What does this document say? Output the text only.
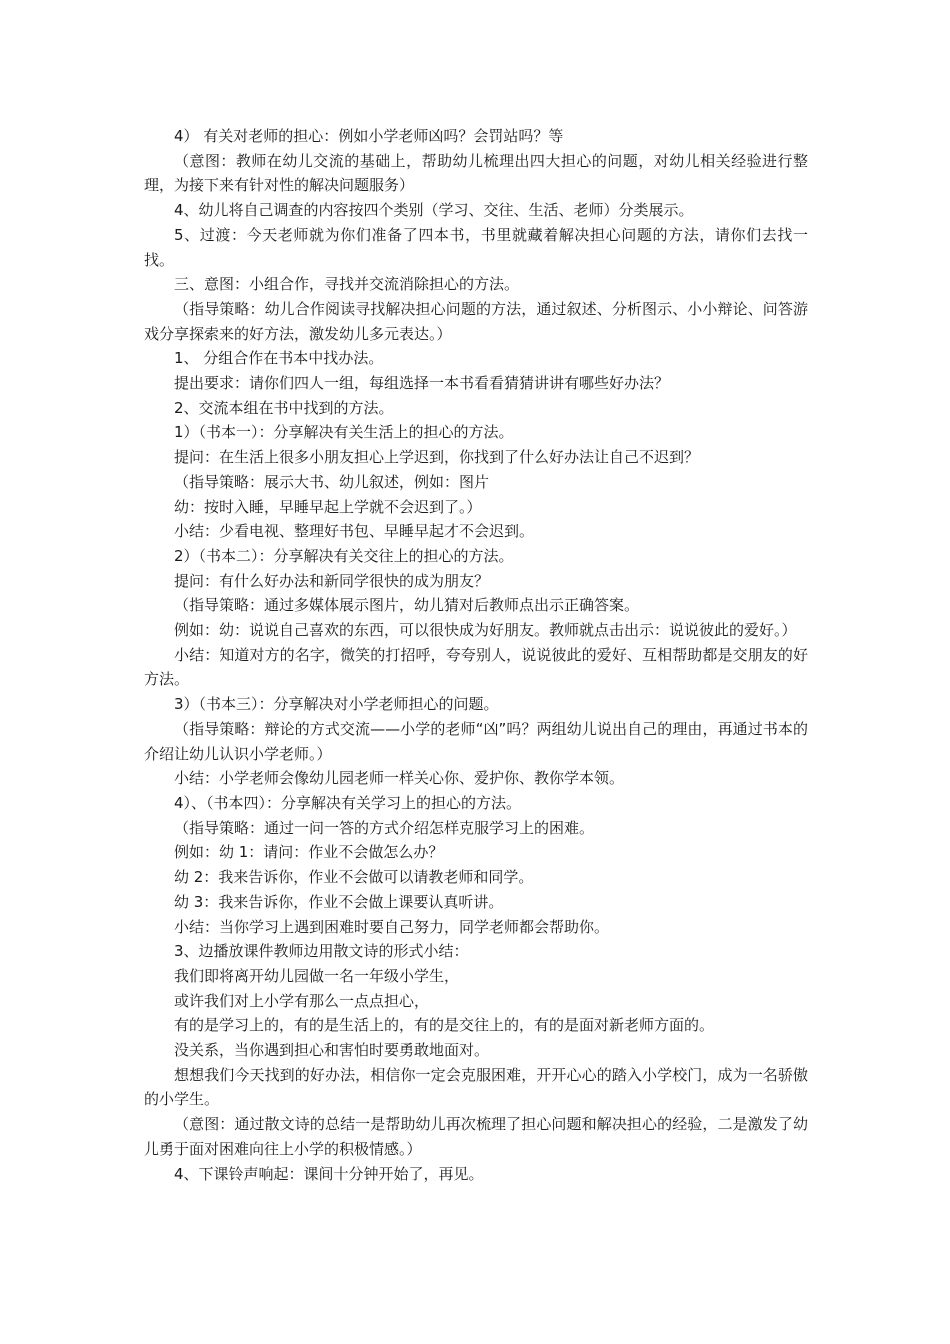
4） 有关对老师的担心：例如小学老师凶吗？会罚站吗？等

（意图：教师在幼儿交流的基础上，帮助幼儿梳理出四大担心的问题，对幼儿相关经验进行整理，为接下来有针对性的解决问题服务）

4、幼儿将自己调查的内容按四个类别（学习、交往、生活、老师）分类展示。

5、过渡：今天老师就为你们准备了四本书，书里就藏着解决担心问题的方法，请你们去找一找。

三、意图：小组合作，寻找并交流消除担心的方法。

（指导策略：幼儿合作阅读寻找解决担心问题的方法，通过叙述、分析图示、小小辩论、问答游戏分享探索来的好方法，激发幼儿多元表达。）

1、 分组合作在书本中找办法。

提出要求：请你们四人一组，每组选择一本书看看猜猜讲讲有哪些好办法？

2、交流本组在书中找到的方法。

1）（书本一）：分享解决有关生活上的担心的方法。

提问：在生活上很多小朋友担心上学迟到，你找到了什么好办法让自己不迟到？

（指导策略：展示大书、幼儿叙述，例如：图片

幼：按时入睡，早睡早起上学就不会迟到了。）

小结：少看电视、整理好书包、早睡早起才不会迟到。

2）（书本二）：分享解决有关交往上的担心的方法。

提问：有什么好办法和新同学很快的成为朋友？

（指导策略：通过多媒体展示图片，幼儿猜对后教师点出示正确答案。

例如：幼：说说自己喜欢的东西，可以很快成为好朋友。教师就点击出示：说说彼此的爱好。）

小结：知道对方的名字，微笑的打招呼，夸夸别人，说说彼此的爱好、互相帮助都是交朋友的好方法。

3）（书本三）：分享解决对小学老师担心的问题。

（指导策略：辩论的方式交流——小学的老师“凶”吗？两组幼儿说出自己的理由，再通过书本的介绍让幼儿认识小学老师。）

小结：小学老师会像幼儿园老师一样关心你、爱护你、教你学本领。

4）、（书本四）：分享解决有关学习上的担心的方法。

（指导策略：通过一问一答的方式介绍怎样克服学习上的困难。

例如：幼 1：请问：作业不会做怎么办？

幼 2：我来告诉你，作业不会做可以请教老师和同学。

幼 3：我来告诉你，作业不会做上课要认真听讲。

小结：当你学习上遇到困难时要自己努力，同学老师都会帮助你。

3、边播放课件教师边用散文诗的形式小结：

我们即将离开幼儿园做一名一年级小学生，

或许我们对上小学有那么一点点担心，

有的是学习上的，有的是生活上的，有的是交往上的，有的是面对新老师方面的。

没关系，当你遇到担心和害怕时要勇敢地面对。

想想我们今天找到的好办法，相信你一定会克服困难，开开心心的踏入小学校门，成为一名骄傲的小学生。

（意图：通过散文诗的总结一是帮助幼儿再次梳理了担心问题和解决担心的经验，二是激发了幼儿勇于面对困难向往上小学的积极情感。）

4、下课铃声响起：课间十分钟开始了，再见。
